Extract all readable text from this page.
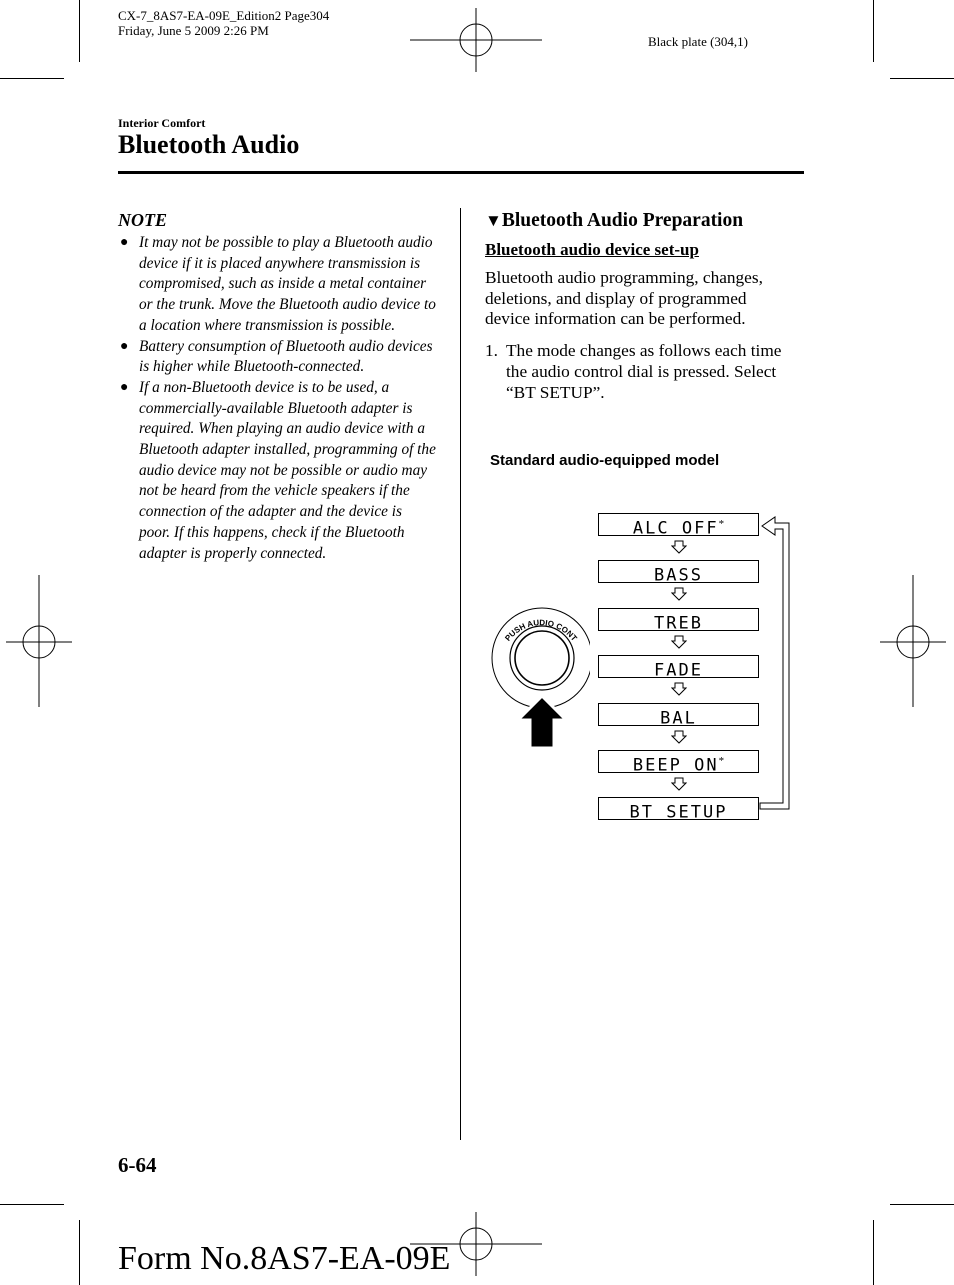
CX-7_8AS7-EA-09E_Edition2 Page304
Friday, June 5 2009 2:26 PM
Black plate (304,1)
Interior Comfort
Bluetooth Audio

NOTE

● It may not be possible to play a Bluetooth audio device if it is placed anywhere transmission is compromised, such as inside a metal container or the trunk. Move the Bluetooth audio device to a location where transmission is possible.
● Battery consumption of Bluetooth audio devices is higher while Bluetooth-connected.
● If a non-Bluetooth device is to be used, a commercially-available Bluetooth adapter is required. When playing an audio device with a Bluetooth adapter installed, programming of the audio device may not be possible or audio may not be heard from the vehicle speakers if the connection of the adapter and the device is poor. If this happens, check if the Bluetooth adapter is properly connected.
▼Bluetooth Audio Preparation
Bluetooth audio device set-up

Bluetooth audio programming, changes, deletions, and display of programmed device information can be performed.

1. The mode changes as follows each time the audio control dial is pressed. Select “BT SETUP”.
Standard audio-equipped model
PUSH AUDIO CONT
ALC OFF*
BASS
TREB
FADE
BAL
BEEP ON*
BT SETUP
6-64
Form No.8AS7-EA-09E
